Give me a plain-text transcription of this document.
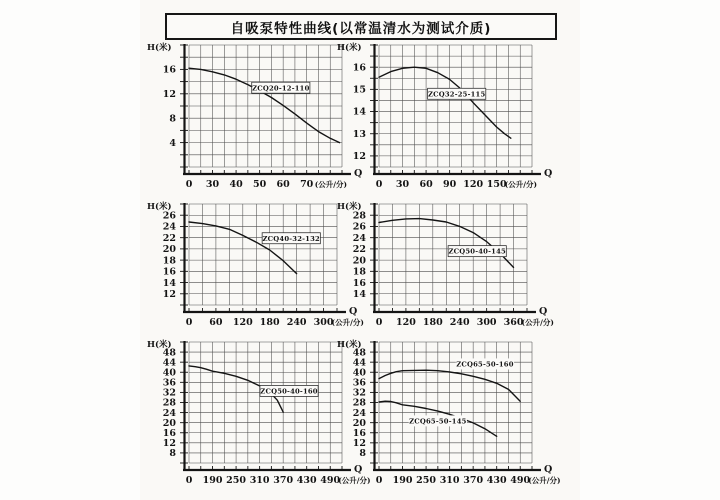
自吸泵特性曲线(以常温清水为测试介质)
16
12
8
4
H(米)
0 30 40 50 60 70 (公升/分)
Q
ZCQ20-12-110
16
15
14
13
12
H(米)
0 30 60 90 120 150
(公升/分)
Q
ZCQ32-25-115
26
24
22
20
18
16
14
12
H(米)
0 60 120 180 240 300
(公升/分)
Q
ZCQ40-32-132
28
26
24
22
20
18
16
14
H(米)
0 120 180 240 300 360
(公升/分)
Q
ZCQ50-40-145
48
44
40
36
32
28
24
20
16
12
8
H(米)
0 190 250 310 370 430 490
(公升/分)
Q
ZCQ50-40-160
48
44
40
36
32
28
24
20
16
12
8
H(米)
0 190 250 310 370 430 490
(公升/分)
Q
ZCQ65-50-160
ZCQ65-50-145
